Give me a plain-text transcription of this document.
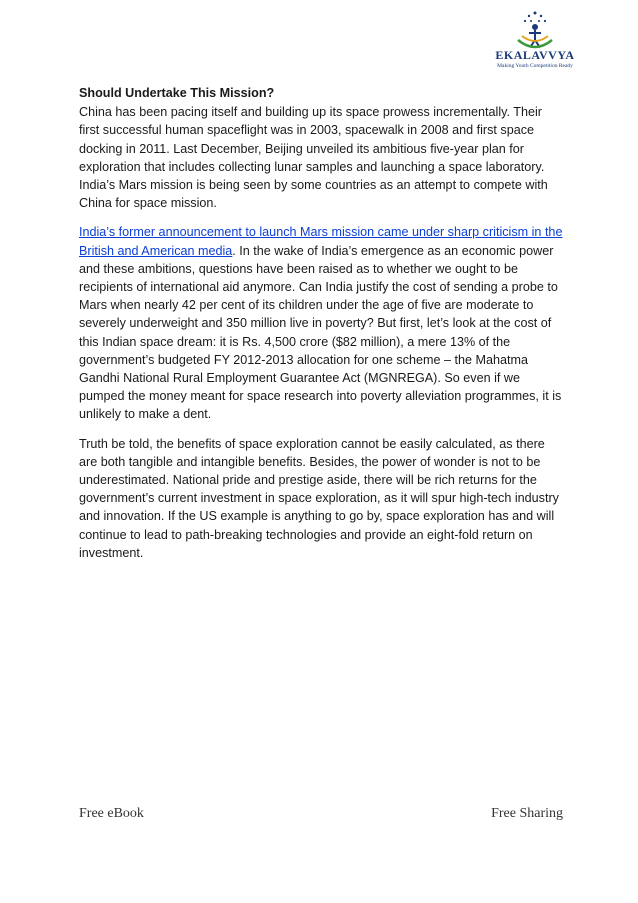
EKALAVVYA
Making Youth Competition Ready
Should Undertake This Mission?

China has been pacing itself and building up its space prowess incrementally. Their first successful human spaceflight was in 2003, spacewalk in 2008 and first space docking in 2011. Last December, Beijing unveiled its ambitious five-year plan for exploration that includes collecting lunar samples and launching a space laboratory. India’s Mars mission is being seen by some countries as an attempt to compete with China for space mission.

India’s former announcement to launch Mars mission came under sharp criticism in the British and American media. In the wake of India’s emergence as an economic power and these ambitions, questions have been raised as to whether we ought to be recipients of international aid anymore. Can India justify the cost of sending a probe to Mars when nearly 42 per cent of its children under the age of five are moderate to severely underweight and 350 million live in poverty? But first, let’s look at the cost of this Indian space dream: it is Rs. 4,500 crore ($82 million), a mere 13% of the government’s budgeted FY 2012-2013 allocation for one scheme – the Mahatma Gandhi National Rural Employment Guarantee Act (MGNREGA). So even if we pumped the money meant for space research into poverty alleviation programmes, it is unlikely to make a dent.

Truth be told, the benefits of space exploration cannot be easily calculated, as there are both tangible and intangible benefits. Besides, the power of wonder is not to be underestimated. National pride and prestige aside, there will be rich returns for the government’s current investment in space exploration, as it will spur high-tech industry and innovation. If the US example is anything to go by, space exploration has and will continue to lead to path-breaking technologies and provide an eight-fold return on investment.

Free eBook	Free Sharing
